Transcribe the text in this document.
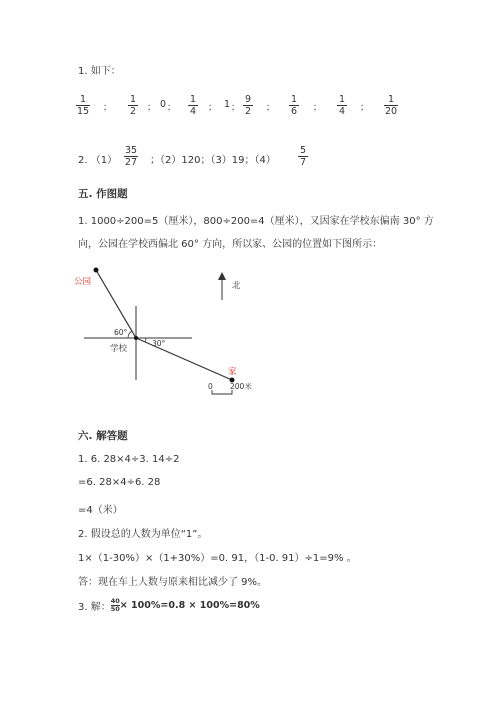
1. 如下：
1
15 ；
1
2 ； 0 ；
1
4 ； 1 ；
9
2 ；
1
6 ；
1
4 ；
1
20
2. （1）
35
27 ；（2）120；（3）19；（4）
5
7
五. 作图题
1. 1000÷200=5（厘米），800÷200=4（厘米），又因家在学校东偏南 30° 方
向，公园在学校西偏北 60° 方向，所以家、公园的位置如下图所示：
公园
60°
30°
学校
家
北
0 200米
六. 解答题
1. 6. 28×4÷3. 14÷2
=6. 28×4÷6. 28
=4（米）
2. 假设总的人数为单位“1”。
1×（1-30%）×（1+30%）=0. 91，（1-0. 91）÷1=9% 。
答：现在车上人数与原来相比减少了 9%。
3. 解： $\frac{40}{50} \times 100\%=0.8 \times 100\%=80\%$
